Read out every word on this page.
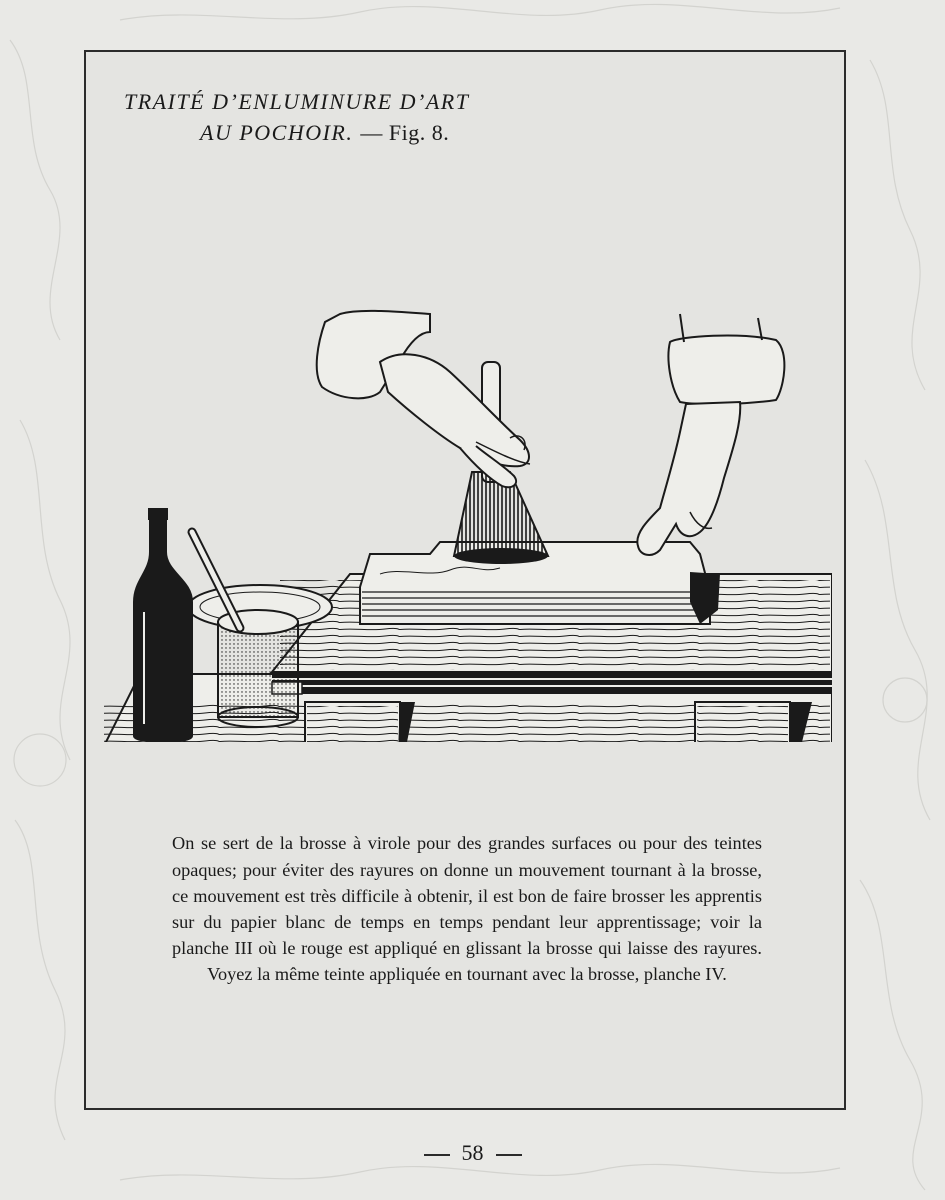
TRAITÉ D’ENLUMINURE D’ART
AU POCHOIR. — Fig. 8.

On se sert de la brosse à virole pour des grandes surfaces ou pour des teintes opaques; pour éviter des rayures on donne un mouvement tournant à la brosse, ce mouvement est très difficile à obtenir, il est bon de faire brosser les apprentis sur du papier blanc de temps en temps pendant leur apprentissage; voir la planche III où le rouge est appliqué en glissant la brosse qui laisse des rayures. Voyez la même teinte appliquée en tournant avec la brosse, planche IV.

58
